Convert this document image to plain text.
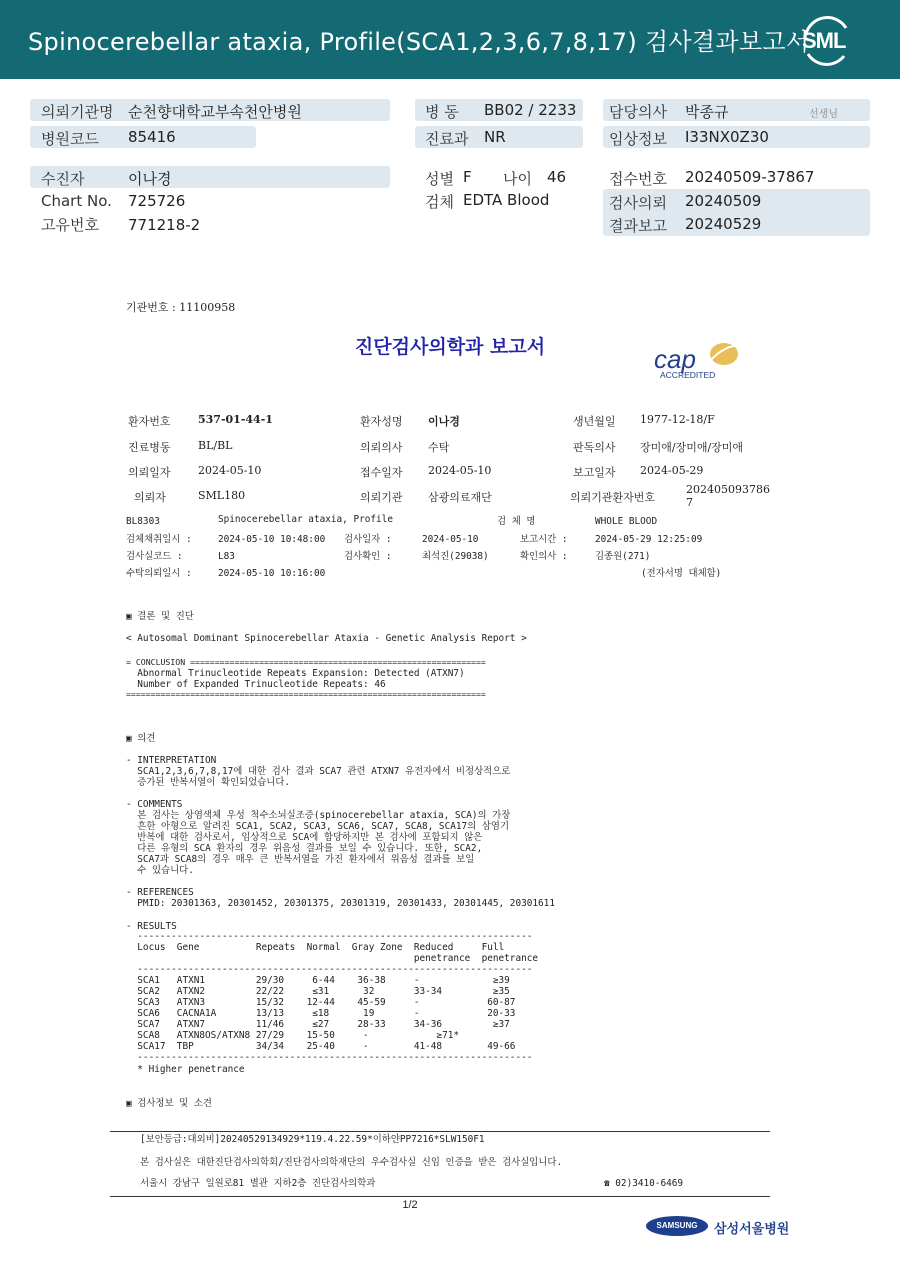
Spinocerebellar ataxia, Profile(SCA1,2,3,6,7,8,17) 검사결과보고서
SML
의뢰기관명 순천향대학교부속천안병원
병원코드 85416
병 동 BB02 / 2233
진료과 NR
담당의사 박종규	선생님
임상정보 I33NX0Z30
수진자	이나경
Chart No. 725726
고유번호 771218-2
성별 F 나이 46
검체 EDTA Blood
접수번호 20240509-37867
검사의뢰 20240509
결과보고 20240529
기관번호 : 11100958
진단검사의학과 보고서	cap
ACCREDITED
환자번호 537-01-44-1	환자성명 이나경	생년월일 1977-12-18/F
진료병동 BL/BL	의뢰의사 수탁	판독의사 장미애/장미애/장미애
의뢰일자 2024-05-10	접수일자 2024-05-10	보고일자 2024-05-29
의뢰자	SML180	의뢰기관 삼광의료재단	의뢰기관환자번호
202405093786
7
BL8303	Spinocerebellar ataxia, Profile	검 체 명	WHOLE BLOOD
검체채취일시 :	2024-05-10 10:48:00 검사일자 :	2024-05-10	보고시간 :	2024-05-29 12:25:09
검사실코드 :	L83	검사확인 :	최석진(29038)	확인의사 :	김종원(271)
수탁의뢰일시 :	2024-05-10 10:16:00	(전자서명 대체함)
▣ 결론 및 진단
< Autosomal Dominant Spinocerebellar Ataxia - Genetic Analysis Report >
= CONCLUSION ============================================================
Abnormal Trinucleotide Repeats Expansion: Detected (ATXN7)
Number of Expanded Trinucleotide Repeats: 46
=========================================================================
▣ 의견
- INTERPRETATION
SCA1,2,3,6,7,8,17에 대한 검사 결과 SCA7 관련 ATXN7 유전자에서 비정상적으로
증가된 반복서열이 확인되었습니다.
- COMMENTS
본 검사는 상염색체 우성 척수소뇌실조증(spinocerebellar ataxia, SCA)의 가장
흔한 아형으로 알려진 SCA1, SCA2, SCA3, SCA6, SCA7, SCA8, SCA17의 삼염기
반복에 대한 검사로서, 임상적으로 SCA에 합당하지만 본 검사에 포함되지 않은
다른 유형의 SCA 환자의 경우 위음성 결과를 보일 수 있습니다. 또한, SCA2,
SCA7과 SCA8의 경우 매우 큰 반복서열을 가진 환자에서 위음성 결과를 보일
수 있습니다.
- REFERENCES
PMID: 20301363, 20301452, 20301375, 20301319, 20301433, 20301445, 20301611
- RESULTS
----------------------------------------------------------------------
Locus  Gene          Repeats  Normal  Gray Zone  Reduced     Full
penetrance  penetrance
----------------------------------------------------------------------
SCA1   ATXN1         29/30     6-44    36-38     -             ≥39
SCA2   ATXN2         22/22     ≤31      32       33-34         ≥35
SCA3   ATXN3         15/32    12-44    45-59     -            60-87
SCA6   CACNA1A       13/13     ≤18      19       -            20-33
SCA7   ATXN7         11/46     ≤27     28-33     34-36         ≥37
SCA8   ATXN8OS/ATXN8 27/29    15-50     -            ≥71*
SCA17  TBP           34/34    25-40     -        41-48        49-66
----------------------------------------------------------------------
* Higher penetrance
▣ 검사정보 및 소견
[보안등급:대외비]20240529134929*119.4.22.59*이하얀PP7216*SLW150F1
본 검사실은 대한진단검사의학회/진단검사의학재단의 우수검사실 신임 인증을 받은 검사실입니다.
서울시 강남구 일원로81 별관 지하2층 진단검사의학과	☎ 02)3410-6469
1/2
SAMSUNG	삼성서울병원
